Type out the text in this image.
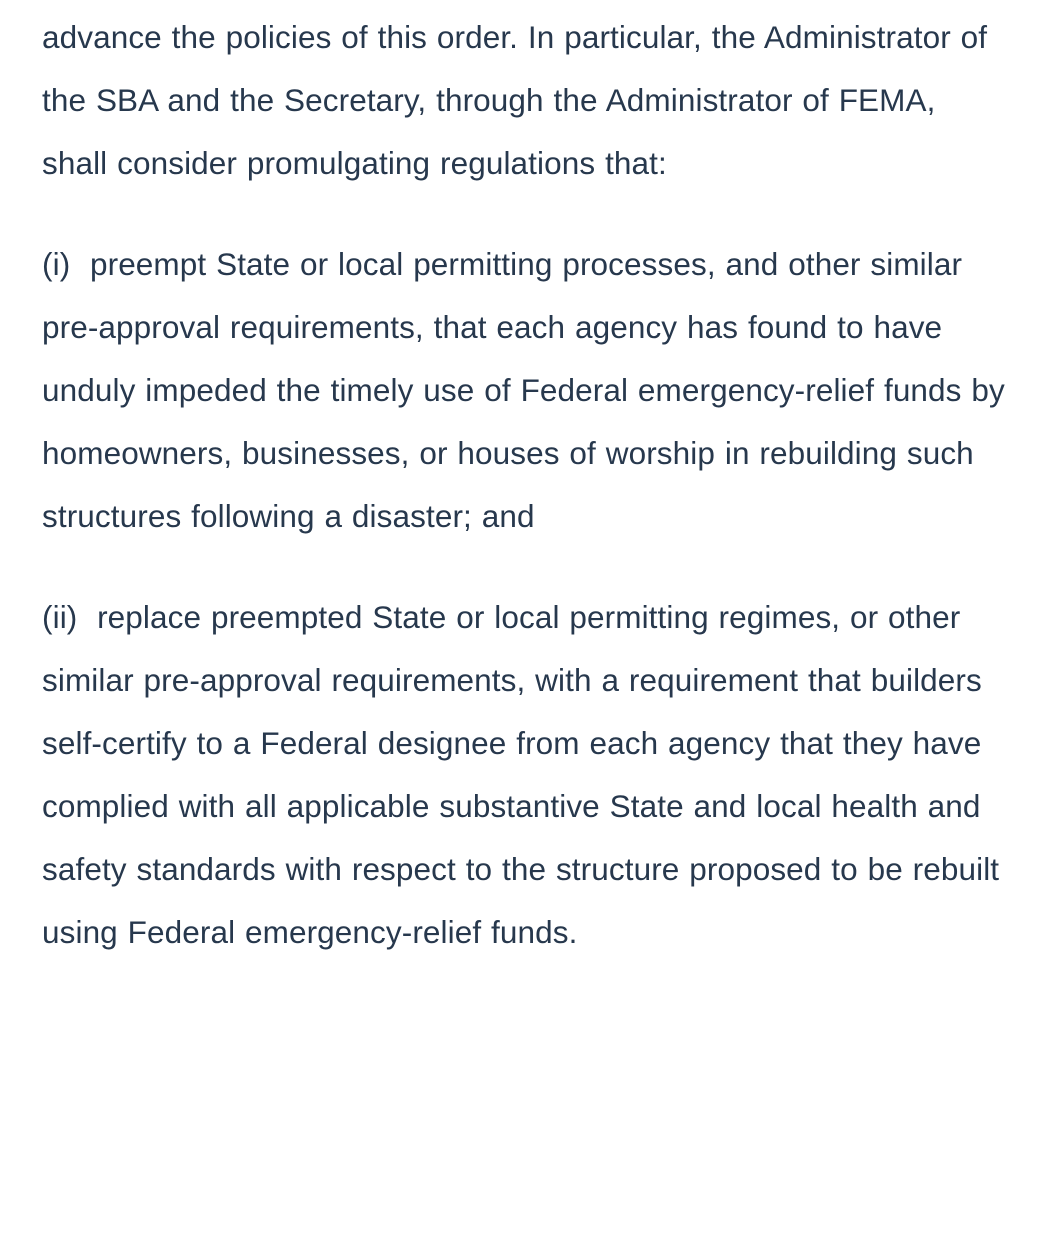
advance the policies of this order. In particular, the Administrator of the SBA and the Secretary, through the Administrator of FEMA, shall consider promulgating regulations that:

(i)  preempt State or local permitting processes, and other similar pre-approval requirements, that each agency has found to have unduly impeded the timely use of Federal emergency-relief funds by homeowners, businesses, or houses of worship in rebuilding such structures following a disaster; and

(ii)  replace preempted State or local permitting regimes, or other similar pre-approval requirements, with a requirement that builders self-certify to a Federal designee from each agency that they have complied with all applicable substantive State and local health and safety standards with respect to the structure proposed to be rebuilt using Federal emergency-relief funds.
